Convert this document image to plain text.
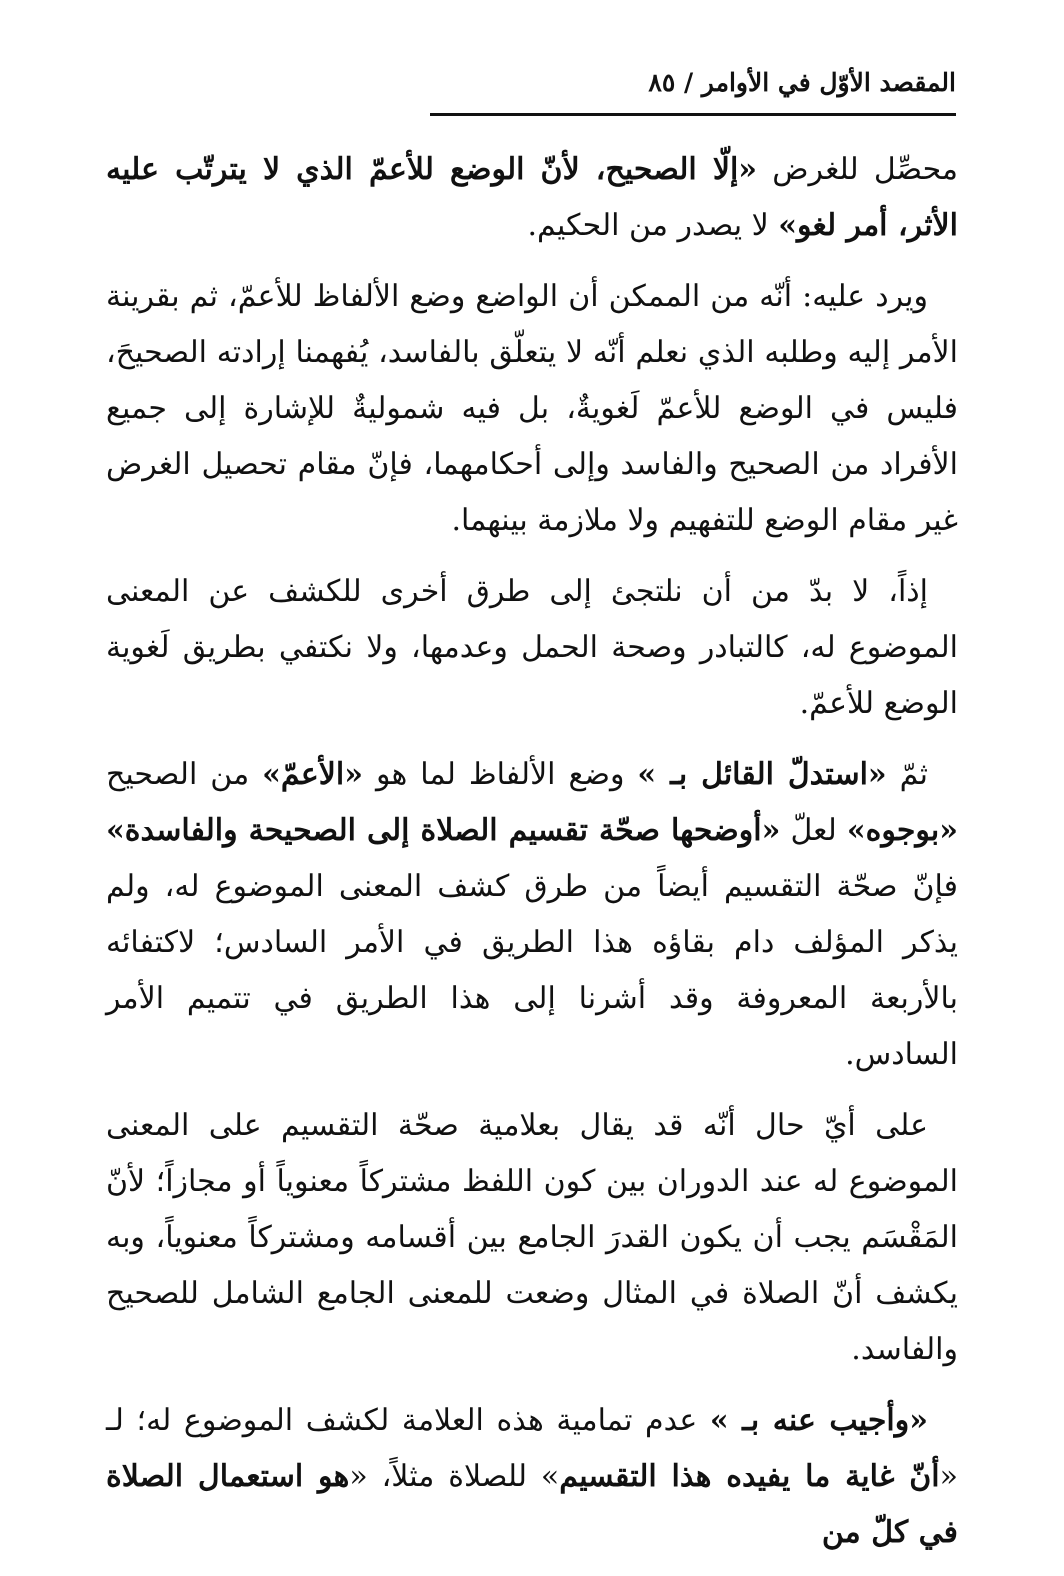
المقصد الأوّل في الأوامر / ٨٥

محصِّل للغرض «إلّا الصحيح، لأنّ الوضع للأعمّ الذي لا يترتّب عليه الأثر، أمر لغو» لا يصدر من الحكيم.

ويرد عليه: أنّه من الممكن أن الواضع وضع الألفاظ للأعمّ، ثم بقرينة الأمر إليه وطلبه الذي نعلم أنّه لا يتعلّق بالفاسد، يُفهمنا إرادته الصحيحَ، فليس في الوضع للأعمّ لَغويةٌ، بل فيه شموليةٌ للإشارة إلى جميع الأفراد من الصحيح والفاسد وإلى أحكامهما، فإنّ مقام تحصيل الغرض غير مقام الوضع للتفهيم ولا ملازمة بينهما.

إذاً، لا بدّ من أن نلتجئ إلى طرق أخرى للكشف عن المعنى الموضوع له، كالتبادر وصحة الحمل وعدمها، ولا نكتفي بطريق لَغوية الوضع للأعمّ.

ثمّ «استدلّ القائل بـ » وضع الألفاظ لما هو «الأعمّ» من الصحيح «بوجوه» لعلّ «أوضحها صحّة تقسيم الصلاة إلى الصحيحة والفاسدة» فإنّ صحّة التقسيم أيضاً من طرق كشف المعنى الموضوع له، ولم يذكر المؤلف دام بقاؤه هذا الطريق في الأمر السادس؛ لاكتفائه بالأربعة المعروفة وقد أشرنا إلى هذا الطريق في تتميم الأمر السادس.

على أيّ حال أنّه قد يقال بعلامية صحّة التقسيم على المعنى الموضوع له عند الدوران بين كون اللفظ مشتركاً معنوياً أو مجازاً؛ لأنّ المَقْسَم يجب أن يكون القدرَ الجامع بين أقسامه ومشتركاً معنوياً، وبه يكشف أنّ الصلاة في المثال وضعت للمعنى الجامع الشامل للصحيح والفاسد.

«وأجيب عنه بـ » عدم تمامية هذه العلامة لكشف الموضوع له؛ لـ «أنّ غاية ما يفيده هذا التقسيم» للصلاة مثلاً، «هو استعمال الصلاة في كلّ من
